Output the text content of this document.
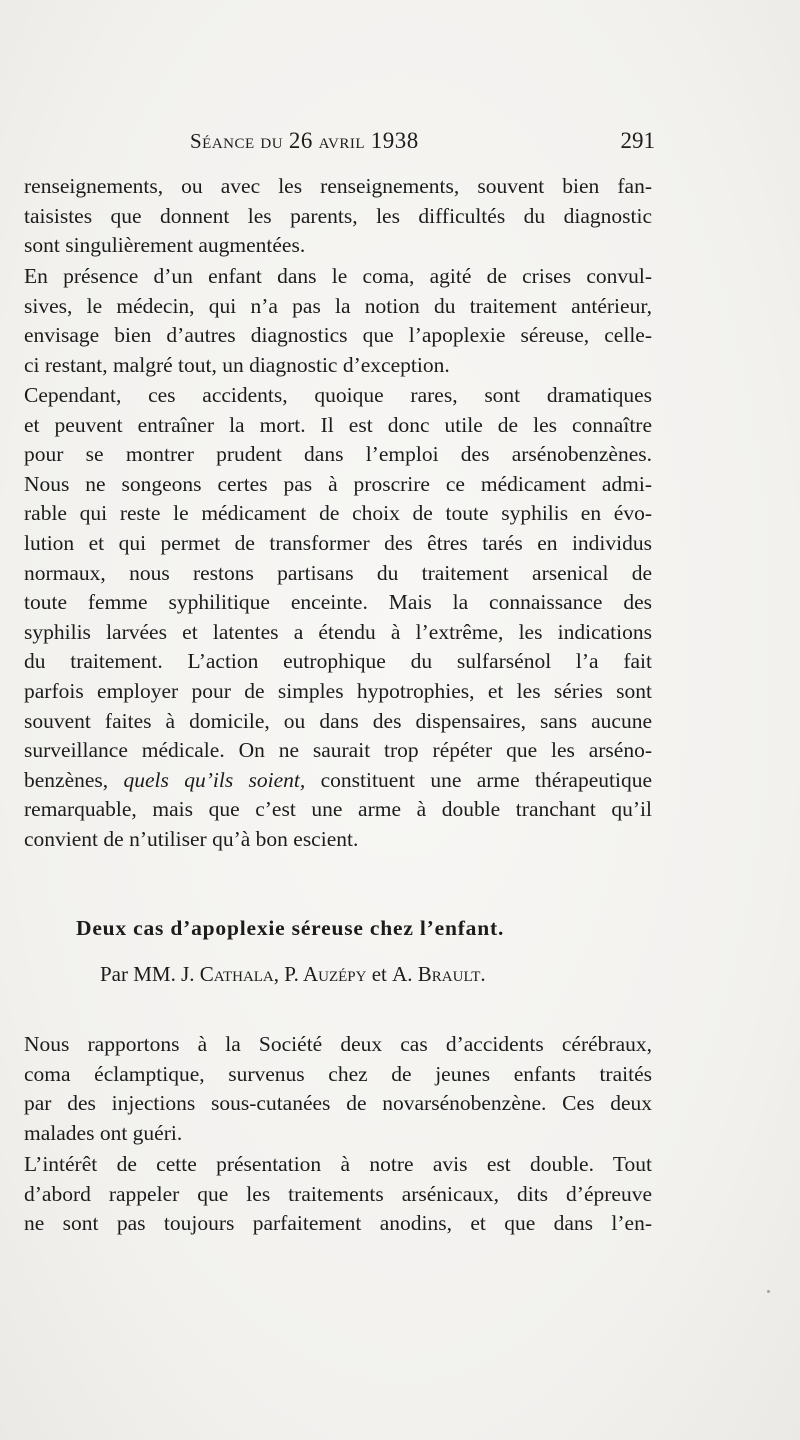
Séance du 26 avril 1938	291
renseignements, ou avec les renseignements, souvent bien fan-
taisistes que donnent les parents, les difficultés du diagnostic
sont singulièrement augmentées.
En présence d’un enfant dans le coma, agité de crises convul-
sives, le médecin, qui n’a pas la notion du traitement antérieur,
envisage bien d’autres diagnostics que l’apoplexie séreuse, celle-
ci restant, malgré tout, un diagnostic d’exception.
Cependant, ces accidents, quoique rares, sont dramatiques
et peuvent entraîner la mort. Il est donc utile de les connaître
pour se montrer prudent dans l’emploi des arsénobenzènes.
Nous ne songeons certes pas à proscrire ce médicament admi-
rable qui reste le médicament de choix de toute syphilis en évo-
lution et qui permet de transformer des êtres tarés en individus
normaux, nous restons partisans du traitement arsenical de
toute femme syphilitique enceinte. Mais la connaissance des
syphilis larvées et latentes a étendu à l’extrême, les indications
du traitement. L’action eutrophique du sulfarsénol l’a fait
parfois employer pour de simples hypotrophies, et les séries sont
souvent faites à domicile, ou dans des dispensaires, sans aucune
surveillance médicale. On ne saurait trop répéter que les arséno-
benzènes, quels qu’ils soient, constituent une arme thérapeutique
remarquable, mais que c’est une arme à double tranchant qu’il
convient de n’utiliser qu’à bon escient.
Deux cas d’apoplexie séreuse chez l’enfant.
Par MM. J. Cathala, P. Auzépy et A. Brault.
Nous rapportons à la Société deux cas d’accidents cérébraux,
coma éclamptique, survenus chez de jeunes enfants traités
par des injections sous-cutanées de novarsénobenzène. Ces deux
malades ont guéri.
L’intérêt de cette présentation à notre avis est double. Tout
d’abord rappeler que les traitements arsénicaux, dits d’épreuve
ne sont pas toujours parfaitement anodins, et que dans l’en-
